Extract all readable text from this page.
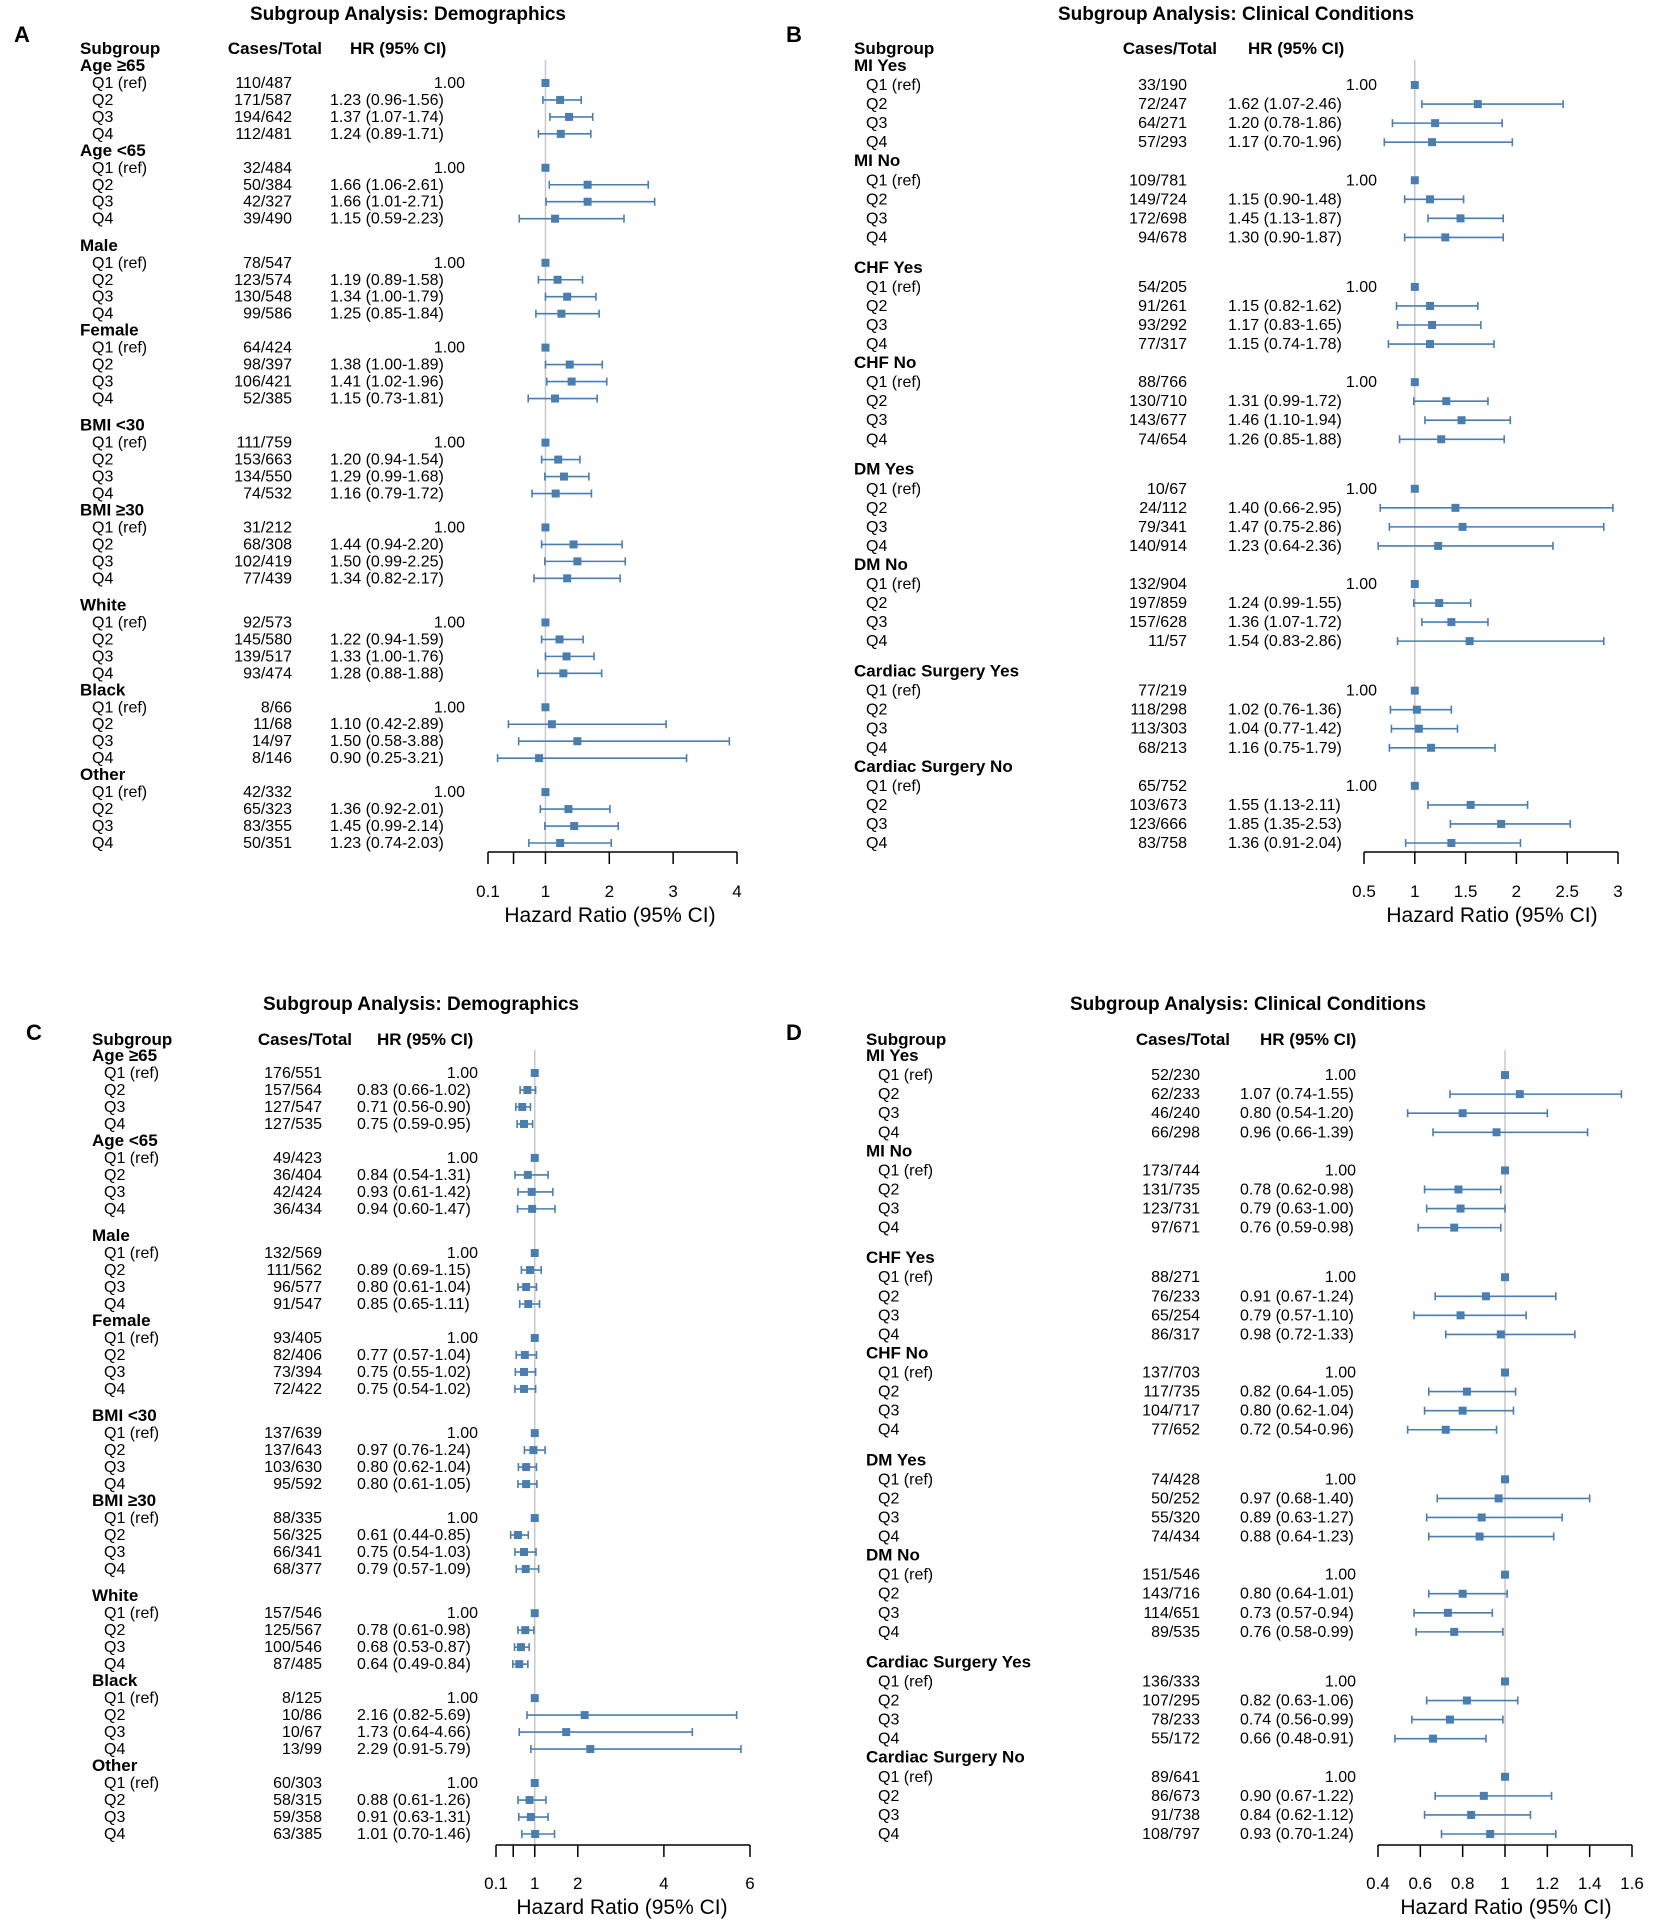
A
Subgroup Analysis: Demographics
Subgroup	Cases/Total HR (95% CI)
Age ≥65
Q1 (ref)	110/487	1.00
Q2	171/587 1.23 (0.96-1.56)
Q3	194/642 1.37 (1.07-1.74)
Q4	112/481 1.24 (0.89-1.71)
Age <65
Q1 (ref)	32/484	1.00
Q2	50/384 1.66 (1.06-2.61)
Q3	42/327 1.66 (1.01-2.71)
Q4	39/490 1.15 (0.59-2.23)
Male
Q1 (ref)	78/547	1.00
Q2	123/574 1.19 (0.89-1.58)
Q3	130/548 1.34 (1.00-1.79)
Q4	99/586 1.25 (0.85-1.84)
Female
Q1 (ref)	64/424	1.00
Q2	98/397 1.38 (1.00-1.89)
Q3	106/421 1.41 (1.02-1.96)
Q4	52/385 1.15 (0.73-1.81)
BMI <30
Q1 (ref)	111/759	1.00
Q2	153/663 1.20 (0.94-1.54)
Q3	134/550 1.29 (0.99-1.68)
Q4	74/532 1.16 (0.79-1.72)
BMI ≥30
Q1 (ref)	31/212	1.00
Q2	68/308 1.44 (0.94-2.20)
Q3	102/419 1.50 (0.99-2.25)
Q4	77/439 1.34 (0.82-2.17)
White
Q1 (ref)	92/573	1.00
Q2	145/580 1.22 (0.94-1.59)
Q3	139/517 1.33 (1.00-1.76)
Q4	93/474 1.28 (0.88-1.88)
Black
Q1 (ref)	8/66	1.00
Q2	11/68 1.10 (0.42-2.89)
Q3	14/97 1.50 (0.58-3.88)
Q4	8/146 0.90 (0.25-3.21)
Other
Q1 (ref)	42/332	1.00
Q2	65/323 1.36 (0.92-2.01)
Q3	83/355 1.45 (0.99-2.14)
Q4	50/351 1.23 (0.74-2.03)
0.1 1	2	3	4
Hazard Ratio (95% CI)
B
Subgroup Analysis: Clinical Conditions
Subgroup	Cases/Total HR (95% CI)
MI Yes
Q1 (ref)	33/190	1.00
Q2	72/247	1.62 (1.07-2.46)
Q3	64/271	1.20 (0.78-1.86)
Q4	57/293	1.17 (0.70-1.96)
MI No
Q1 (ref)	109/781	1.00
Q2	149/724	1.15 (0.90-1.48)
Q3	172/698	1.45 (1.13-1.87)
Q4	94/678	1.30 (0.90-1.87)
CHF Yes
Q1 (ref)	54/205	1.00
Q2	91/261	1.15 (0.82-1.62)
Q3	93/292	1.17 (0.83-1.65)
Q4	77/317	1.15 (0.74-1.78)
CHF No
Q1 (ref)	88/766	1.00
Q2	130/710	1.31 (0.99-1.72)
Q3	143/677	1.46 (1.10-1.94)
Q4	74/654	1.26 (0.85-1.88)
DM Yes
Q1 (ref)	10/67	1.00
Q2	24/112	1.40 (0.66-2.95)
Q3	79/341	1.47 (0.75-2.86)
Q4	140/914	1.23 (0.64-2.36)
DM No
Q1 (ref)	132/904	1.00
Q2	197/859	1.24 (0.99-1.55)
Q3	157/628	1.36 (1.07-1.72)
Q4	11/57	1.54 (0.83-2.86)
Cardiac Surgery Yes
Q1 (ref)	77/219	1.00
Q2	118/298	1.02 (0.76-1.36)
Q3	113/303	1.04 (0.77-1.42)
Q4	68/213	1.16 (0.75-1.79)
Cardiac Surgery No
Q1 (ref)	65/752	1.00
Q2	103/673	1.55 (1.13-2.11)
Q3	123/666	1.85 (1.35-2.53)
Q4	83/758	1.36 (0.91-2.04)
0.5 1 1.5 2 2.5 3
Hazard Ratio (95% CI)
C
Subgroup Analysis: Demographics
Subgroup	Cases/Total HR (95% CI)
Age ≥65
Q1 (ref)	176/551	1.00
Q2	157/564 0.83 (0.66-1.02)
Q3	127/547 0.71 (0.56-0.90)
Q4	127/535 0.75 (0.59-0.95)
Age <65
Q1 (ref)	49/423	1.00
Q2	36/404 0.84 (0.54-1.31)
Q3	42/424 0.93 (0.61-1.42)
Q4	36/434 0.94 (0.60-1.47)
Male
Q1 (ref)	132/569	1.00
Q2	111/562 0.89 (0.69-1.15)
Q3	96/577 0.80 (0.61-1.04)
Q4	91/547 0.85 (0.65-1.11)
Female
Q1 (ref)	93/405	1.00
Q2	82/406 0.77 (0.57-1.04)
Q3	73/394 0.75 (0.55-1.02)
Q4	72/422 0.75 (0.54-1.02)
BMI <30
Q1 (ref)	137/639	1.00
Q2	137/643 0.97 (0.76-1.24)
Q3	103/630 0.80 (0.62-1.04)
Q4	95/592 0.80 (0.61-1.05)
BMI ≥30
Q1 (ref)	88/335	1.00
Q2	56/325 0.61 (0.44-0.85)
Q3	66/341 0.75 (0.54-1.03)
Q4	68/377 0.79 (0.57-1.09)
White
Q1 (ref)	157/546	1.00
Q2	125/567 0.78 (0.61-0.98)
Q3	100/546 0.68 (0.53-0.87)
Q4	87/485 0.64 (0.49-0.84)
Black
Q1 (ref)	8/125	1.00
Q2	10/86 2.16 (0.82-5.69)
Q3	10/67 1.73 (0.64-4.66)
Q4	13/99 2.29 (0.91-5.79)
Other
Q1 (ref)	60/303	1.00
Q2	58/315 0.88 (0.61-1.26)
Q3	59/358 0.91 (0.63-1.31)
Q4	63/385 1.01 (0.70-1.46)
0.1 1 2	4	6
Hazard Ratio (95% CI)
D
Subgroup Analysis: Clinical Conditions
Subgroup	Cases/Total HR (95% CI)
MI Yes
Q1 (ref)	52/230	1.00
Q2	62/233	1.07 (0.74-1.55)
Q3	46/240	0.80 (0.54-1.20)
Q4	66/298	0.96 (0.66-1.39)
MI No
Q1 (ref)	173/744	1.00
Q2	131/735	0.78 (0.62-0.98)
Q3	123/731	0.79 (0.63-1.00)
Q4	97/671	0.76 (0.59-0.98)
CHF Yes
Q1 (ref)	88/271	1.00
Q2	76/233	0.91 (0.67-1.24)
Q3	65/254	0.79 (0.57-1.10)
Q4	86/317	0.98 (0.72-1.33)
CHF No
Q1 (ref)	137/703	1.00
Q2	117/735	0.82 (0.64-1.05)
Q3	104/717	0.80 (0.62-1.04)
Q4	77/652	0.72 (0.54-0.96)
DM Yes
Q1 (ref)	74/428	1.00
Q2	50/252	0.97 (0.68-1.40)
Q3	55/320	0.89 (0.63-1.27)
Q4	74/434	0.88 (0.64-1.23)
DM No
Q1 (ref)	151/546	1.00
Q2	143/716	0.80 (0.64-1.01)
Q3	114/651	0.73 (0.57-0.94)
Q4	89/535	0.76 (0.58-0.99)
Cardiac Surgery Yes
Q1 (ref)	136/333	1.00
Q2	107/295	0.82 (0.63-1.06)
Q3	78/233	0.74 (0.56-0.99)
Q4	55/172	0.66 (0.48-0.91)
Cardiac Surgery No
Q1 (ref)	89/641	1.00
Q2	86/673	0.90 (0.67-1.22)
Q3	91/738	0.84 (0.62-1.12)
Q4	108/797	0.93 (0.70-1.24)
0.4 0.6 0.8 1 1.2 1.4 1.6
Hazard Ratio (95% CI)
